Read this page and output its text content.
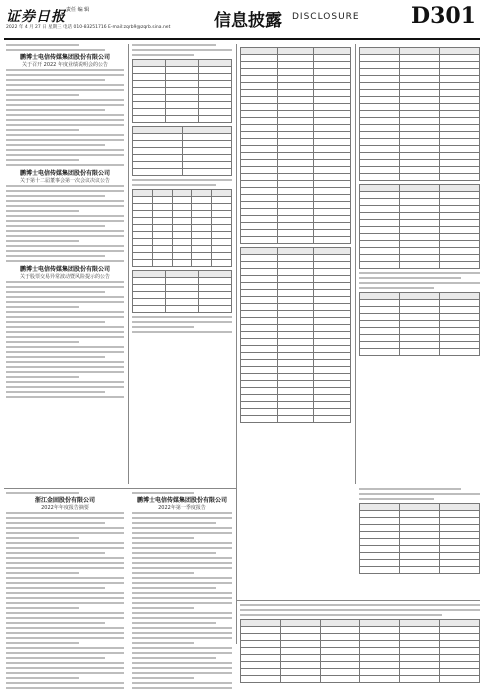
证券日报 责任 编 辑
2022 年 4 月 27 日 星期三 电话 010-83251716 E-mail:zqrb9@zqrb.sina.net	信息披露 DISCLOSURE D301
鹏博士电信传媒集团股份有限公司
关于召开 2022 年度业绩说明会的公告
鹏博士电信传媒集团股份有限公司
关于第十二届董事会第一次会议决议公告
鹏博士电信传媒集团股份有限公司
关于股票交易异常波动暨风险提示的公告

浙江金固股份有限公司
2022年年度报告摘要
鹏博士电信传媒集团股份有限公司
2022年第一季度报告
